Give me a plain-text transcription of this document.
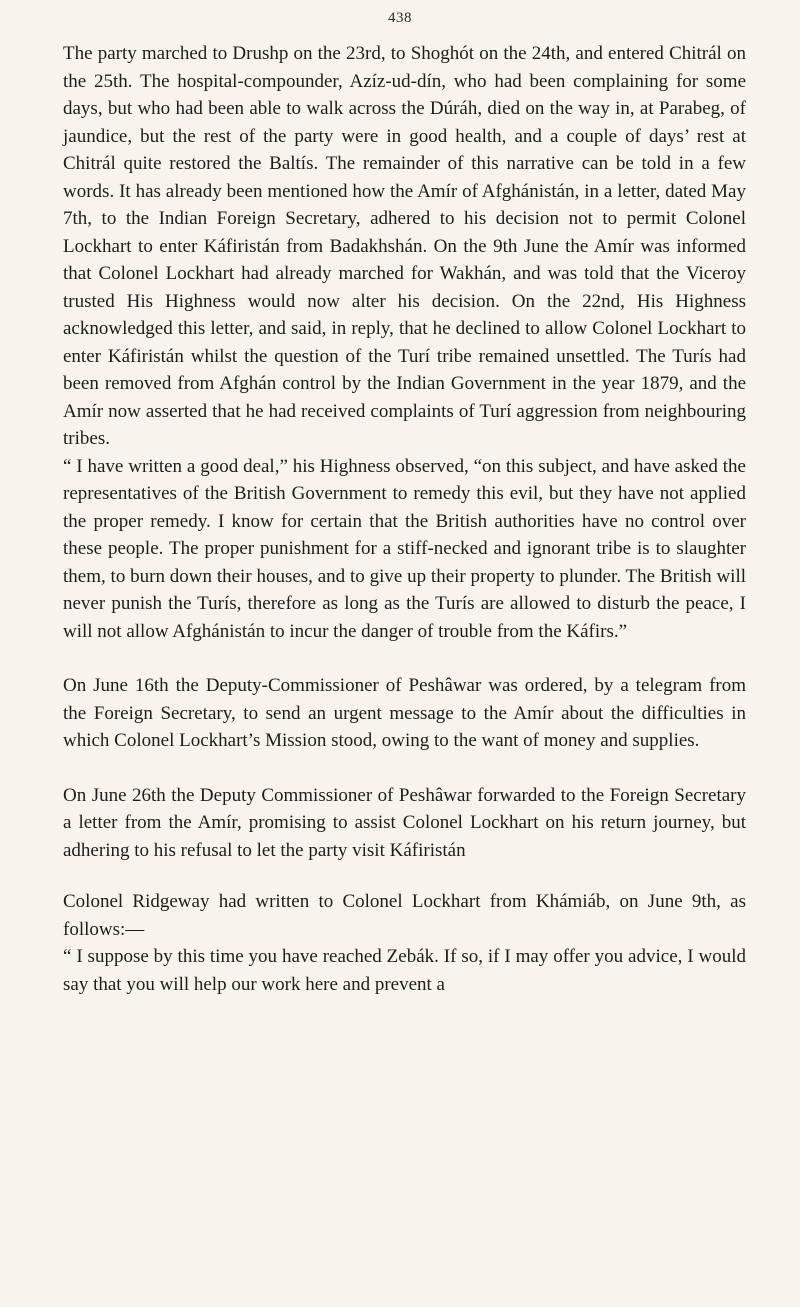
438

The party marched to Drushp on the 23rd, to Shoghót on the 24th, and entered Chitrál on the 25th. The hospital-compounder, Azíz-ud-dín, who had been complaining for some days, but who had been able to walk across the Dúráh, died on the way in, at Parabeg, of jaundice, but the rest of the party were in good health, and a couple of days’ rest at Chitrál quite restored the Baltís. The remainder of this narrative can be told in a few words. It has already been mentioned how the Amír of Afghánistán, in a letter, dated May 7th, to the Indian Foreign Secretary, adhered to his decision not to permit Colonel Lockhart to enter Káfiristán from Badakhshán. On the 9th June the Amír was informed that Colonel Lockhart had already marched for Wakhán, and was told that the Viceroy trusted His Highness would now alter his decision. On the 22nd, His Highness acknowledged this letter, and said, in reply, that he declined to allow Colonel Lockhart to enter Káfiristán whilst the question of the Turí tribe remained unsettled. The Turís had been removed from Afghán control by the Indian Government in the year 1879, and the Amír now asserted that he had received complaints of Turí aggression from neighbouring tribes.

“ I have written a good deal,” his Highness observed, “on this subject, and have asked the representatives of the British Government to remedy this evil, but they have not applied the proper remedy. I know for certain that the British authorities have no control over these people. The proper punishment for a stiff-necked and ignorant tribe is to slaughter them, to burn down their houses, and to give up their property to plunder. The British will never punish the Turís, therefore as long as the Turís are allowed to disturb the peace, I will not allow Afghánistán to incur the danger of trouble from the Káfirs.”

On June 16th the Deputy-Commissioner of Peshâwar was ordered, by a telegram from the Foreign Secretary, to send an urgent message to the Amír about the difficulties in which Colonel Lockhart’s Mission stood, owing to the want of money and supplies.

On June 26th the Deputy Commissioner of Peshâwar forwarded to the Foreign Secretary a letter from the Amír, promising to assist Colonel Lockhart on his return journey, but adhering to his refusal to let the party visit Káfiristán

Colonel Ridgeway had written to Colonel Lockhart from Khámiáb, on June 9th, as follows:—

“ I suppose by this time you have reached Zebák. If so, if I may offer you advice, I would say that you will help our work here and prevent a
